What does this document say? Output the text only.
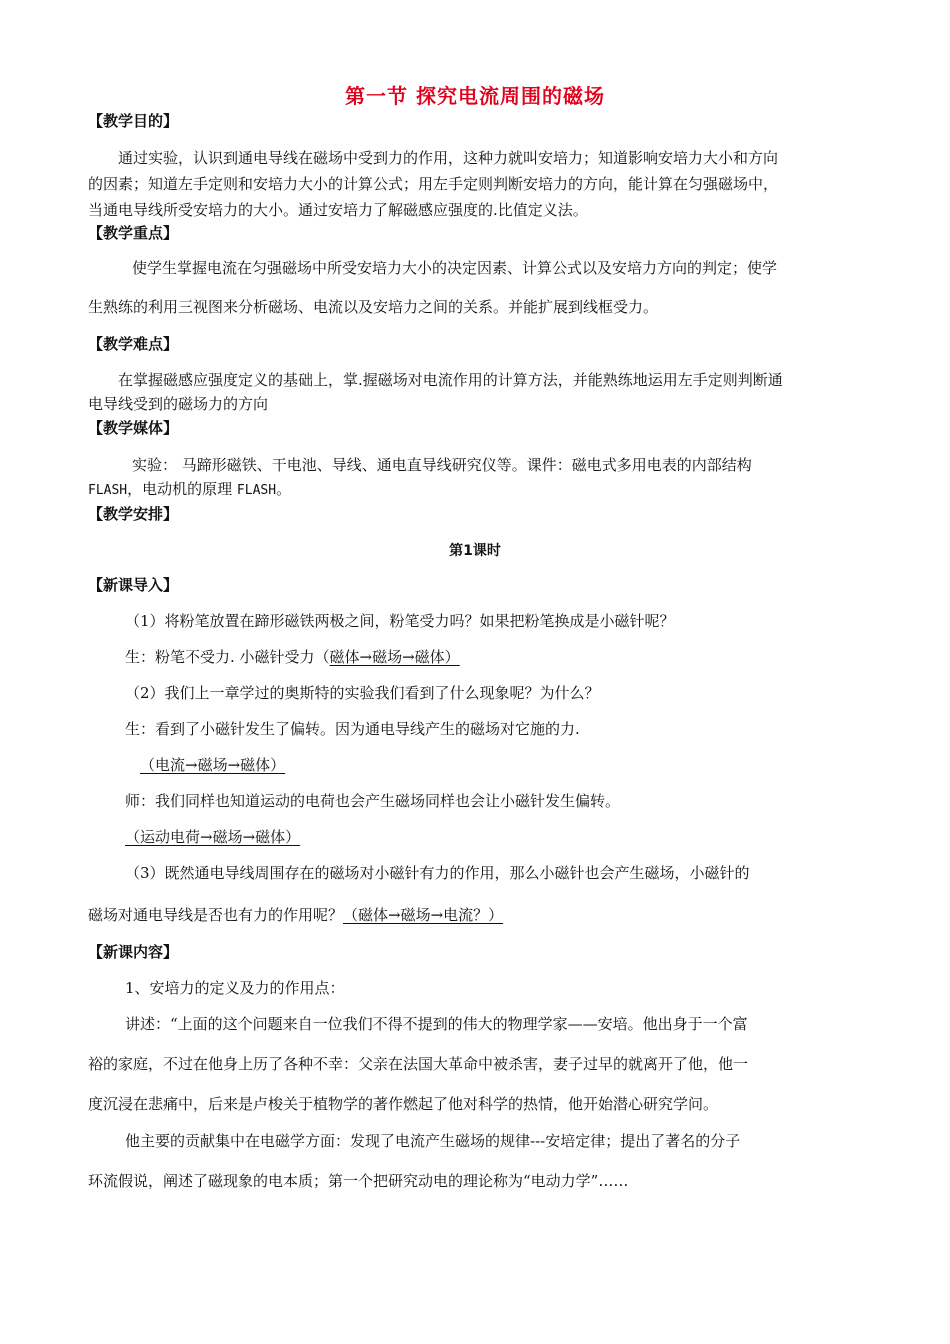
第一节 探究电流周围的磁场
【教学目的】
通过实验，认识到通电导线在磁场中受到力的作用，这种力就叫安培力；知道影响安培力大小和方向
的因素；知道左手定则和安培力大小的计算公式；用左手定则判断安培力的方向，能计算在匀强磁场中，
当通电导线所受安培力的大小。通过安培力了解磁感应强度的.比值定义法。
【教学重点】
使学生掌握电流在匀强磁场中所受安培力大小的决定因素、计算公式以及安培力方向的判定；使学
生熟练的利用三视图来分析磁场、电流以及安培力之间的关系。并能扩展到线框受力。
【教学难点】
在掌握磁感应强度定义的基础上，掌.握磁场对电流作用的计算方法，并能熟练地运用左手定则判断通
电导线受到的磁场力的方向
【教学媒体】
实验： 马蹄形磁铁、干电池、导线、通电直导线研究仪等。课件：磁电式多用电表的内部结构
FLASH，电动机的原理 FLASH。
【教学安排】
第1课时
【新课导入】
（1）将粉笔放置在蹄形磁铁两极之间，粉笔受力吗？如果把粉笔换成是小磁针呢？
生：粉笔不受力. 小磁针受力（磁体→磁场→磁体）
（2）我们上一章学过的奥斯特的实验我们看到了什么现象呢？为什么？
生：看到了小磁针发生了偏转。因为通电导线产生的磁场对它施的力.
（电流→磁场→磁体）
师：我们同样也知道运动的电荷也会产生磁场同样也会让小磁针发生偏转。
（运动电荷→磁场→磁体）
（3）既然通电导线周围存在的磁场对小磁针有力的作用，那么小磁针也会产生磁场，小磁针的
磁场对通电导线是否也有力的作用呢？（磁体→磁场→电流？）
【新课内容】
1、安培力的定义及力的作用点：
讲述：“上面的这个问题来自一位我们不得不提到的伟大的物理学家——安培。他出身于一个富
裕的家庭，不过在他身上历了各种不幸：父亲在法国大革命中被杀害，妻子过早的就离开了他，他一
度沉浸在悲痛中，后来是卢梭关于植物学的著作燃起了他对科学的热情，他开始潜心研究学问。
他主要的贡献集中在电磁学方面：发现了电流产生磁场的规律---安培定律；提出了著名的分子
环流假说，阐述了磁现象的电本质；第一个把研究动电的理论称为“电动力学”……
